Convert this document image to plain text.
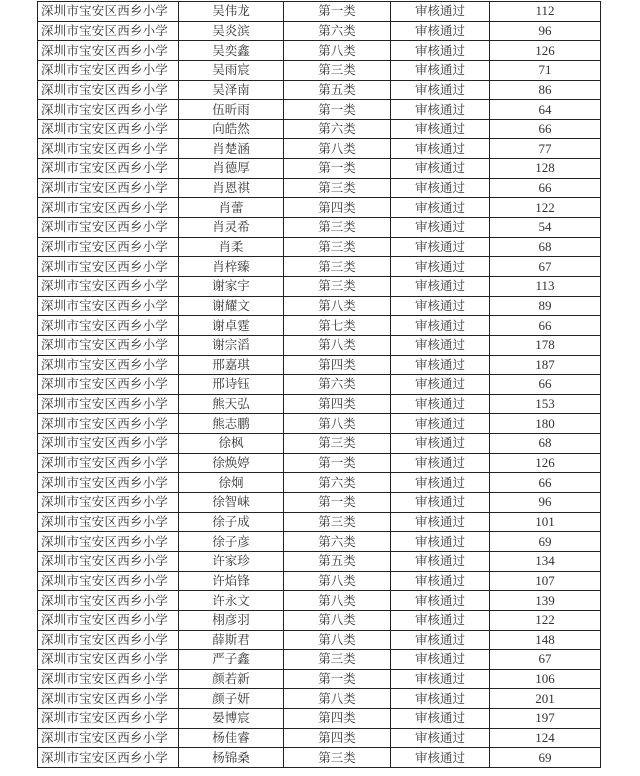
深圳市宝安区西乡小学	吴伟龙	第一类	审核通过	112
深圳市宝安区西乡小学	吴炎滨	第六类	审核通过	96
深圳市宝安区西乡小学	吴奕鑫	第八类	审核通过	126
深圳市宝安区西乡小学	吴雨宸	第三类	审核通过	71
深圳市宝安区西乡小学	吴泽南	第五类	审核通过	86
深圳市宝安区西乡小学	伍昕雨	第一类	审核通过	64
深圳市宝安区西乡小学	向皓然	第六类	审核通过	66
深圳市宝安区西乡小学	肖楚涵	第八类	审核通过	77
深圳市宝安区西乡小学	肖德厚	第一类	审核通过	128
深圳市宝安区西乡小学	肖恩祺	第三类	审核通过	66
深圳市宝安区西乡小学	肖蕾	第四类	审核通过	122
深圳市宝安区西乡小学	肖灵希	第三类	审核通过	54
深圳市宝安区西乡小学	肖柔	第三类	审核通过	68
深圳市宝安区西乡小学	肖梓臻	第三类	审核通过	67
深圳市宝安区西乡小学	谢家宇	第三类	审核通过	113
深圳市宝安区西乡小学	谢耀文	第八类	审核通过	89
深圳市宝安区西乡小学	谢卓霆	第七类	审核通过	66
深圳市宝安区西乡小学	谢宗滔	第八类	审核通过	178
深圳市宝安区西乡小学	邢嘉琪	第四类	审核通过	187
深圳市宝安区西乡小学	邢诗钰	第六类	审核通过	66
深圳市宝安区西乡小学	熊天弘	第四类	审核通过	153
深圳市宝安区西乡小学	熊志鹏	第八类	审核通过	180
深圳市宝安区西乡小学	徐枫	第三类	审核通过	68
深圳市宝安区西乡小学	徐焕婷	第一类	审核通过	126
深圳市宝安区西乡小学	徐炯	第六类	审核通过	66
深圳市宝安区西乡小学	徐智崃	第一类	审核通过	96
深圳市宝安区西乡小学	徐子成	第三类	审核通过	101
深圳市宝安区西乡小学	徐子彦	第六类	审核通过	69
深圳市宝安区西乡小学	许家珍	第五类	审核通过	134
深圳市宝安区西乡小学	许焰锋	第八类	审核通过	107
深圳市宝安区西乡小学	许永文	第八类	审核通过	139
深圳市宝安区西乡小学	栩彦羽	第八类	审核通过	122
深圳市宝安区西乡小学	薛斯君	第八类	审核通过	148
深圳市宝安区西乡小学	严子鑫	第三类	审核通过	67
深圳市宝安区西乡小学	颜若新	第一类	审核通过	106
深圳市宝安区西乡小学	颜子妍	第八类	审核通过	201
深圳市宝安区西乡小学	晏博宸	第四类	审核通过	197
深圳市宝安区西乡小学	杨佳睿	第四类	审核通过	124
深圳市宝安区西乡小学	杨锦桑	第三类	审核通过	69
